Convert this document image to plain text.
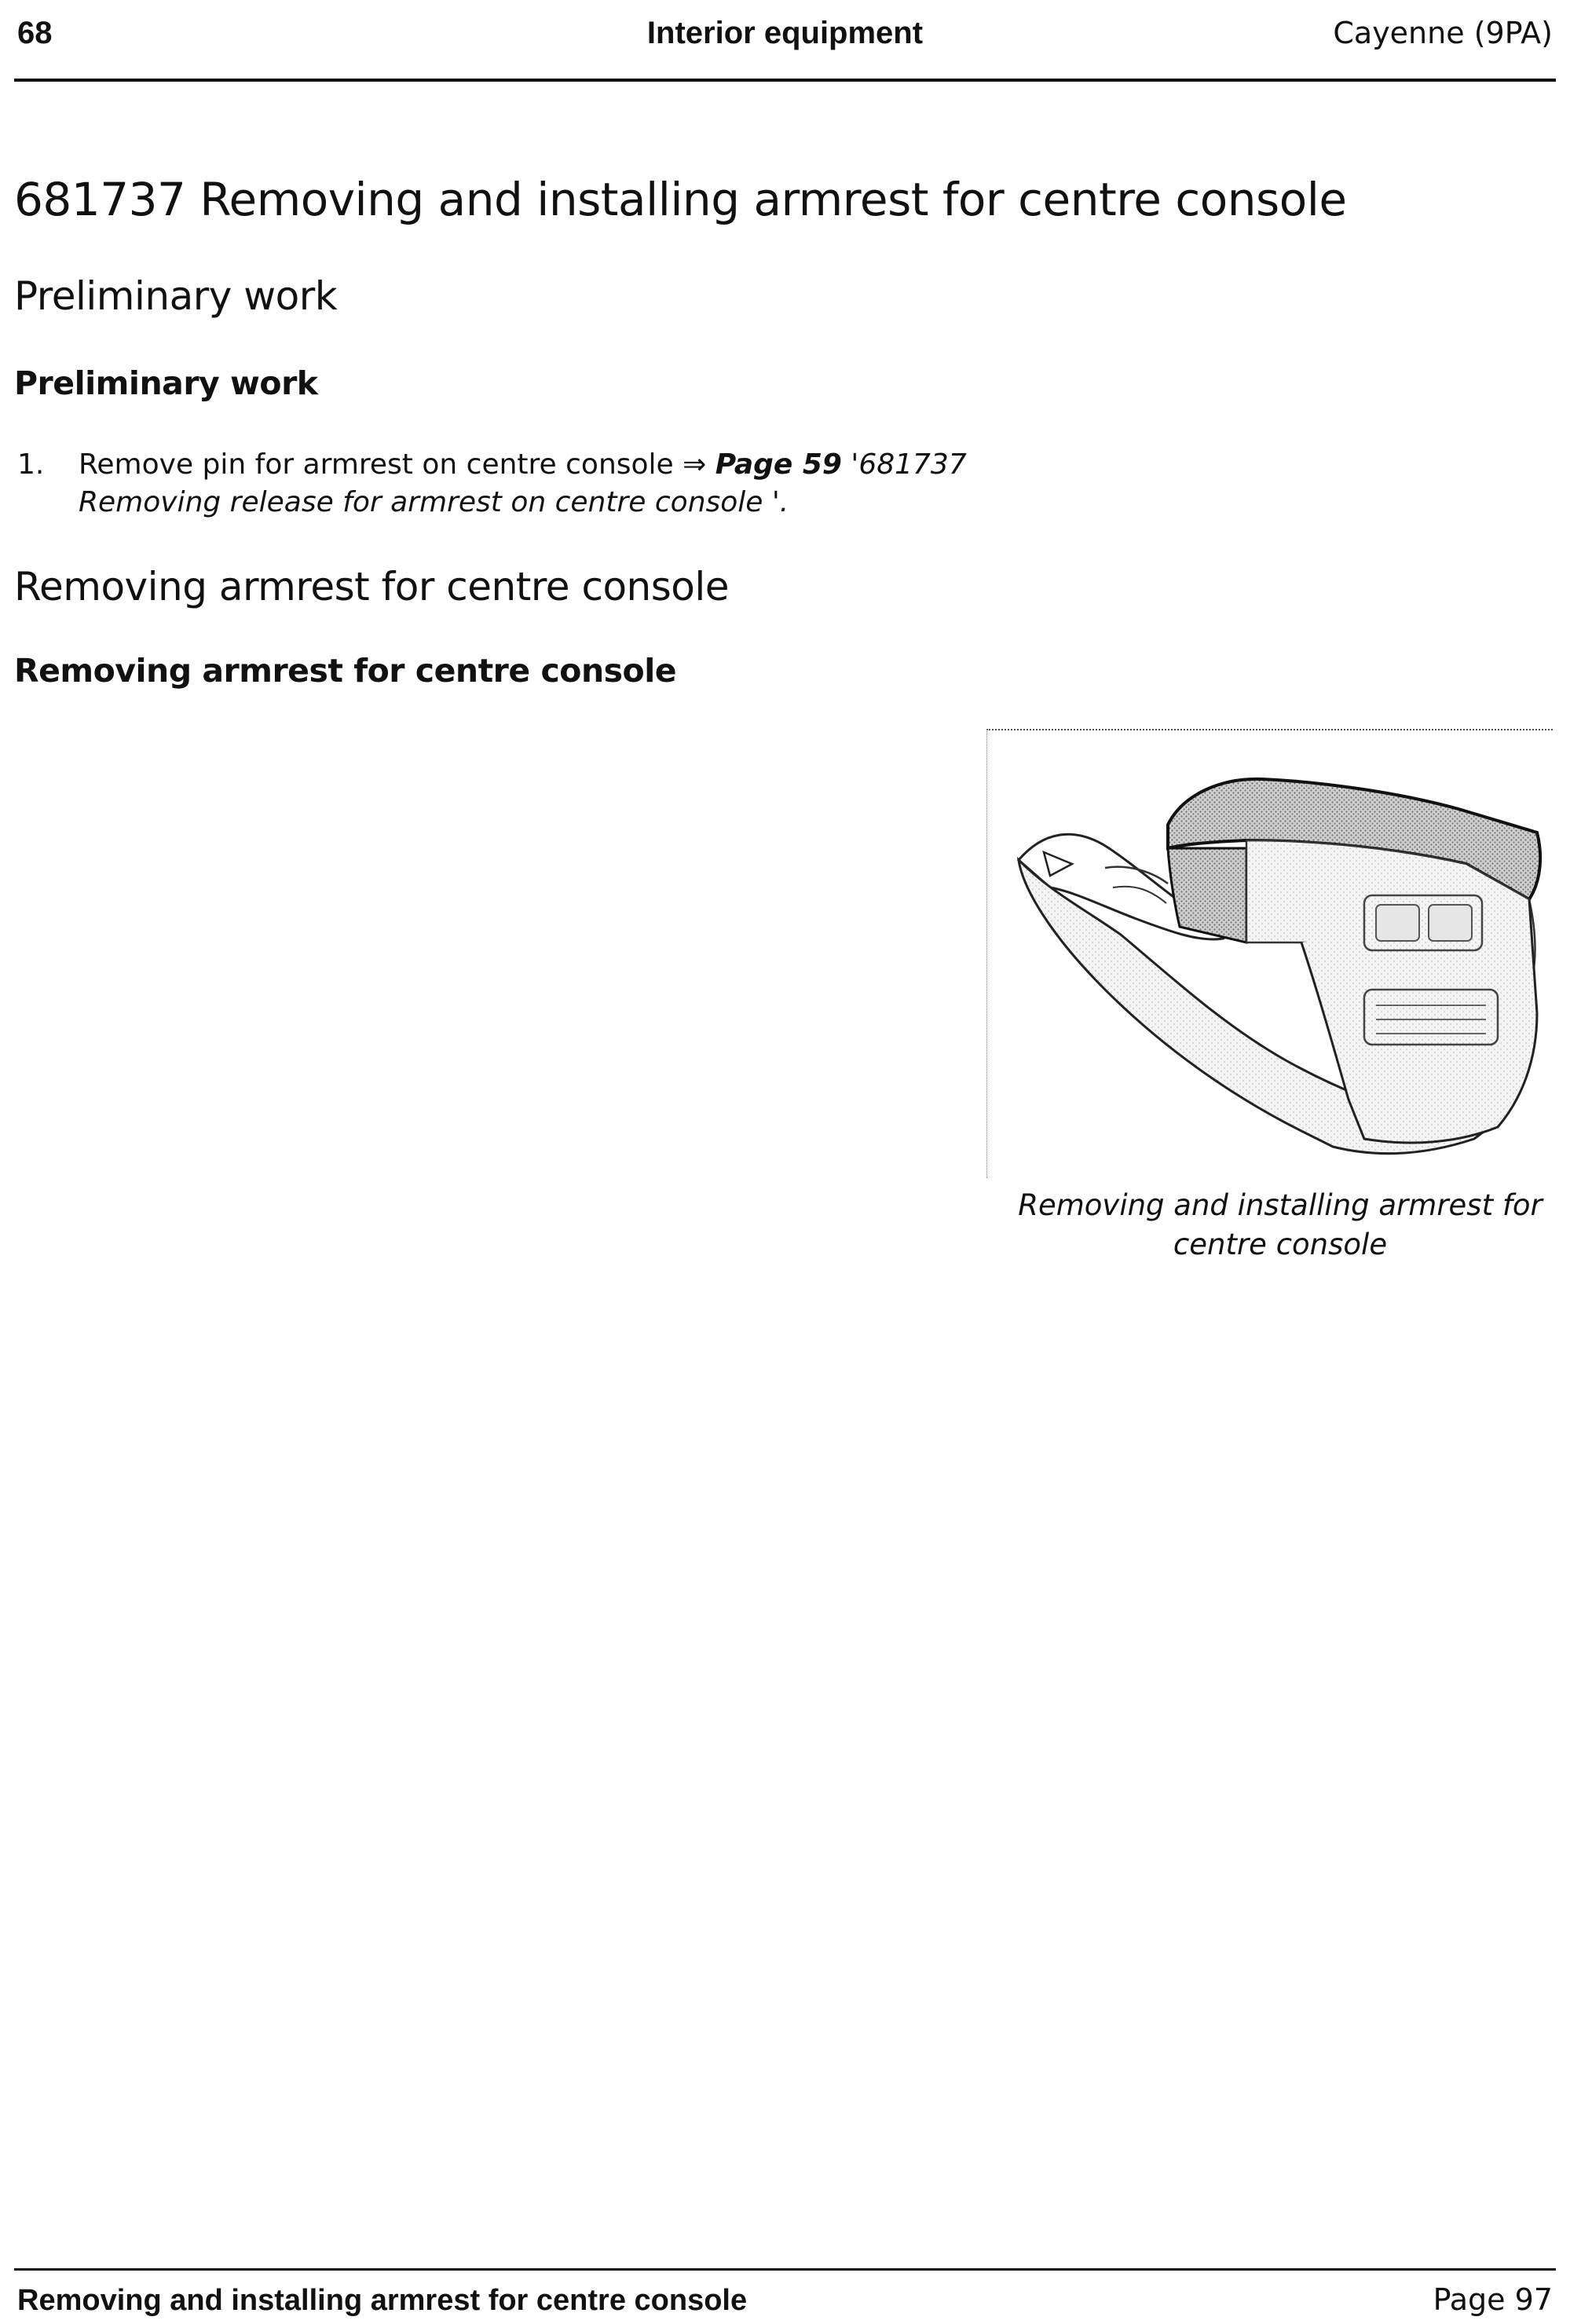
68	Interior equipment	Cayenne (9PA)
681737 Removing and installing armrest for centre console
Preliminary work
Preliminary work
1. Remove pin for armrest on centre console ⇒ Page 59 '681737 Removing release for armrest on centre console '.
Removing armrest for centre console
Removing armrest for centre console
Removing and installing armrest for centre console
Removing and installing armrest for centre console	Page 97
